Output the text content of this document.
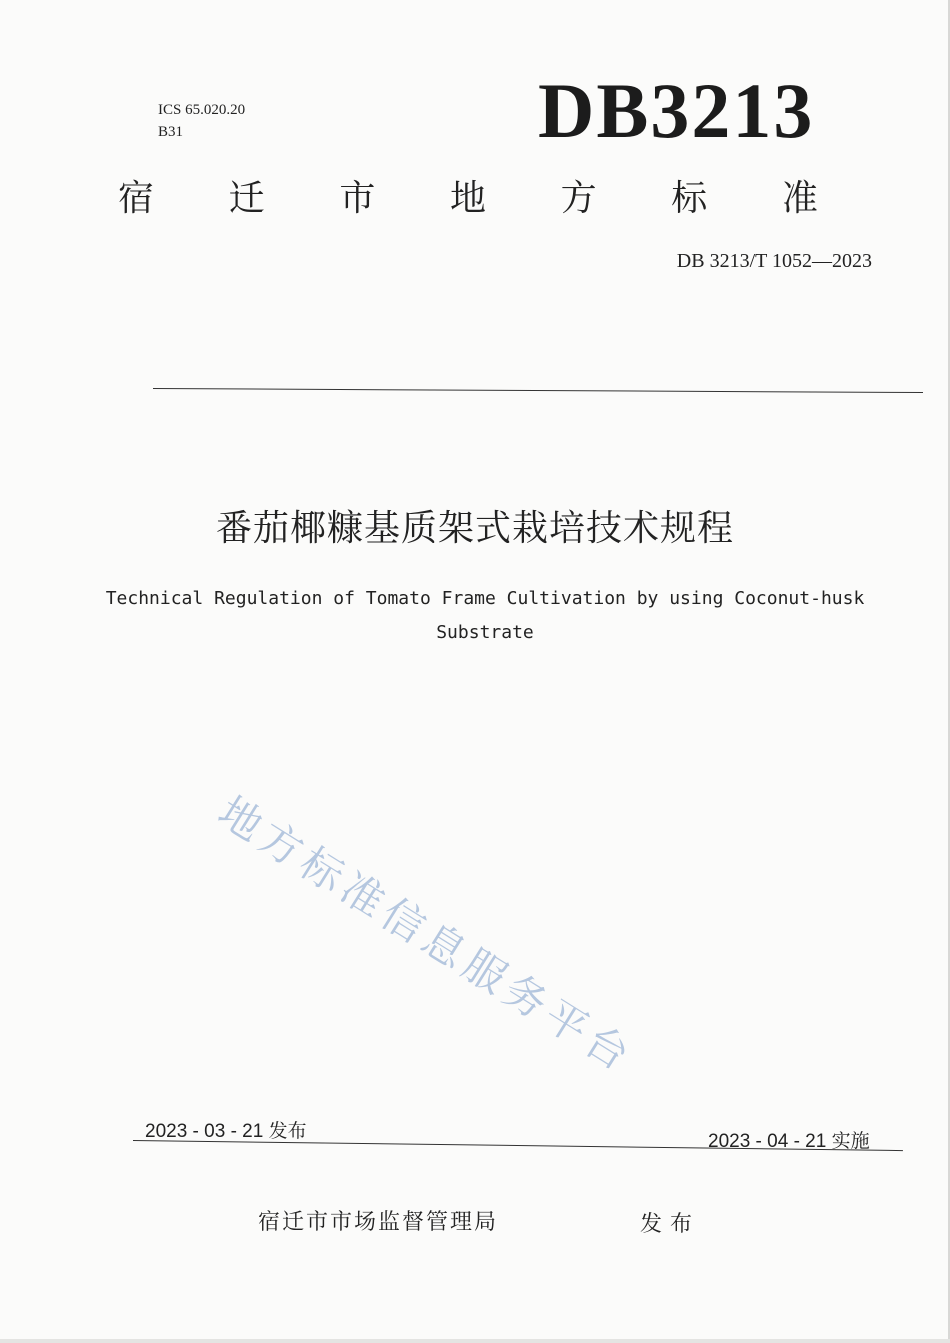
ICS 65.020.20
B31	DB3213
宿 迁 市 地 方 标 准
DB 3213/T 1052—2023
番茄椰糠基质架式栽培技术规程
Technical Regulation of Tomato Frame Cultivation by using Coconut-husk
Substrate
地方标准信息服务平台
2023 - 03 - 21 发布	2023 - 04 - 21 实施
宿迁市市场监督管理局	发布
